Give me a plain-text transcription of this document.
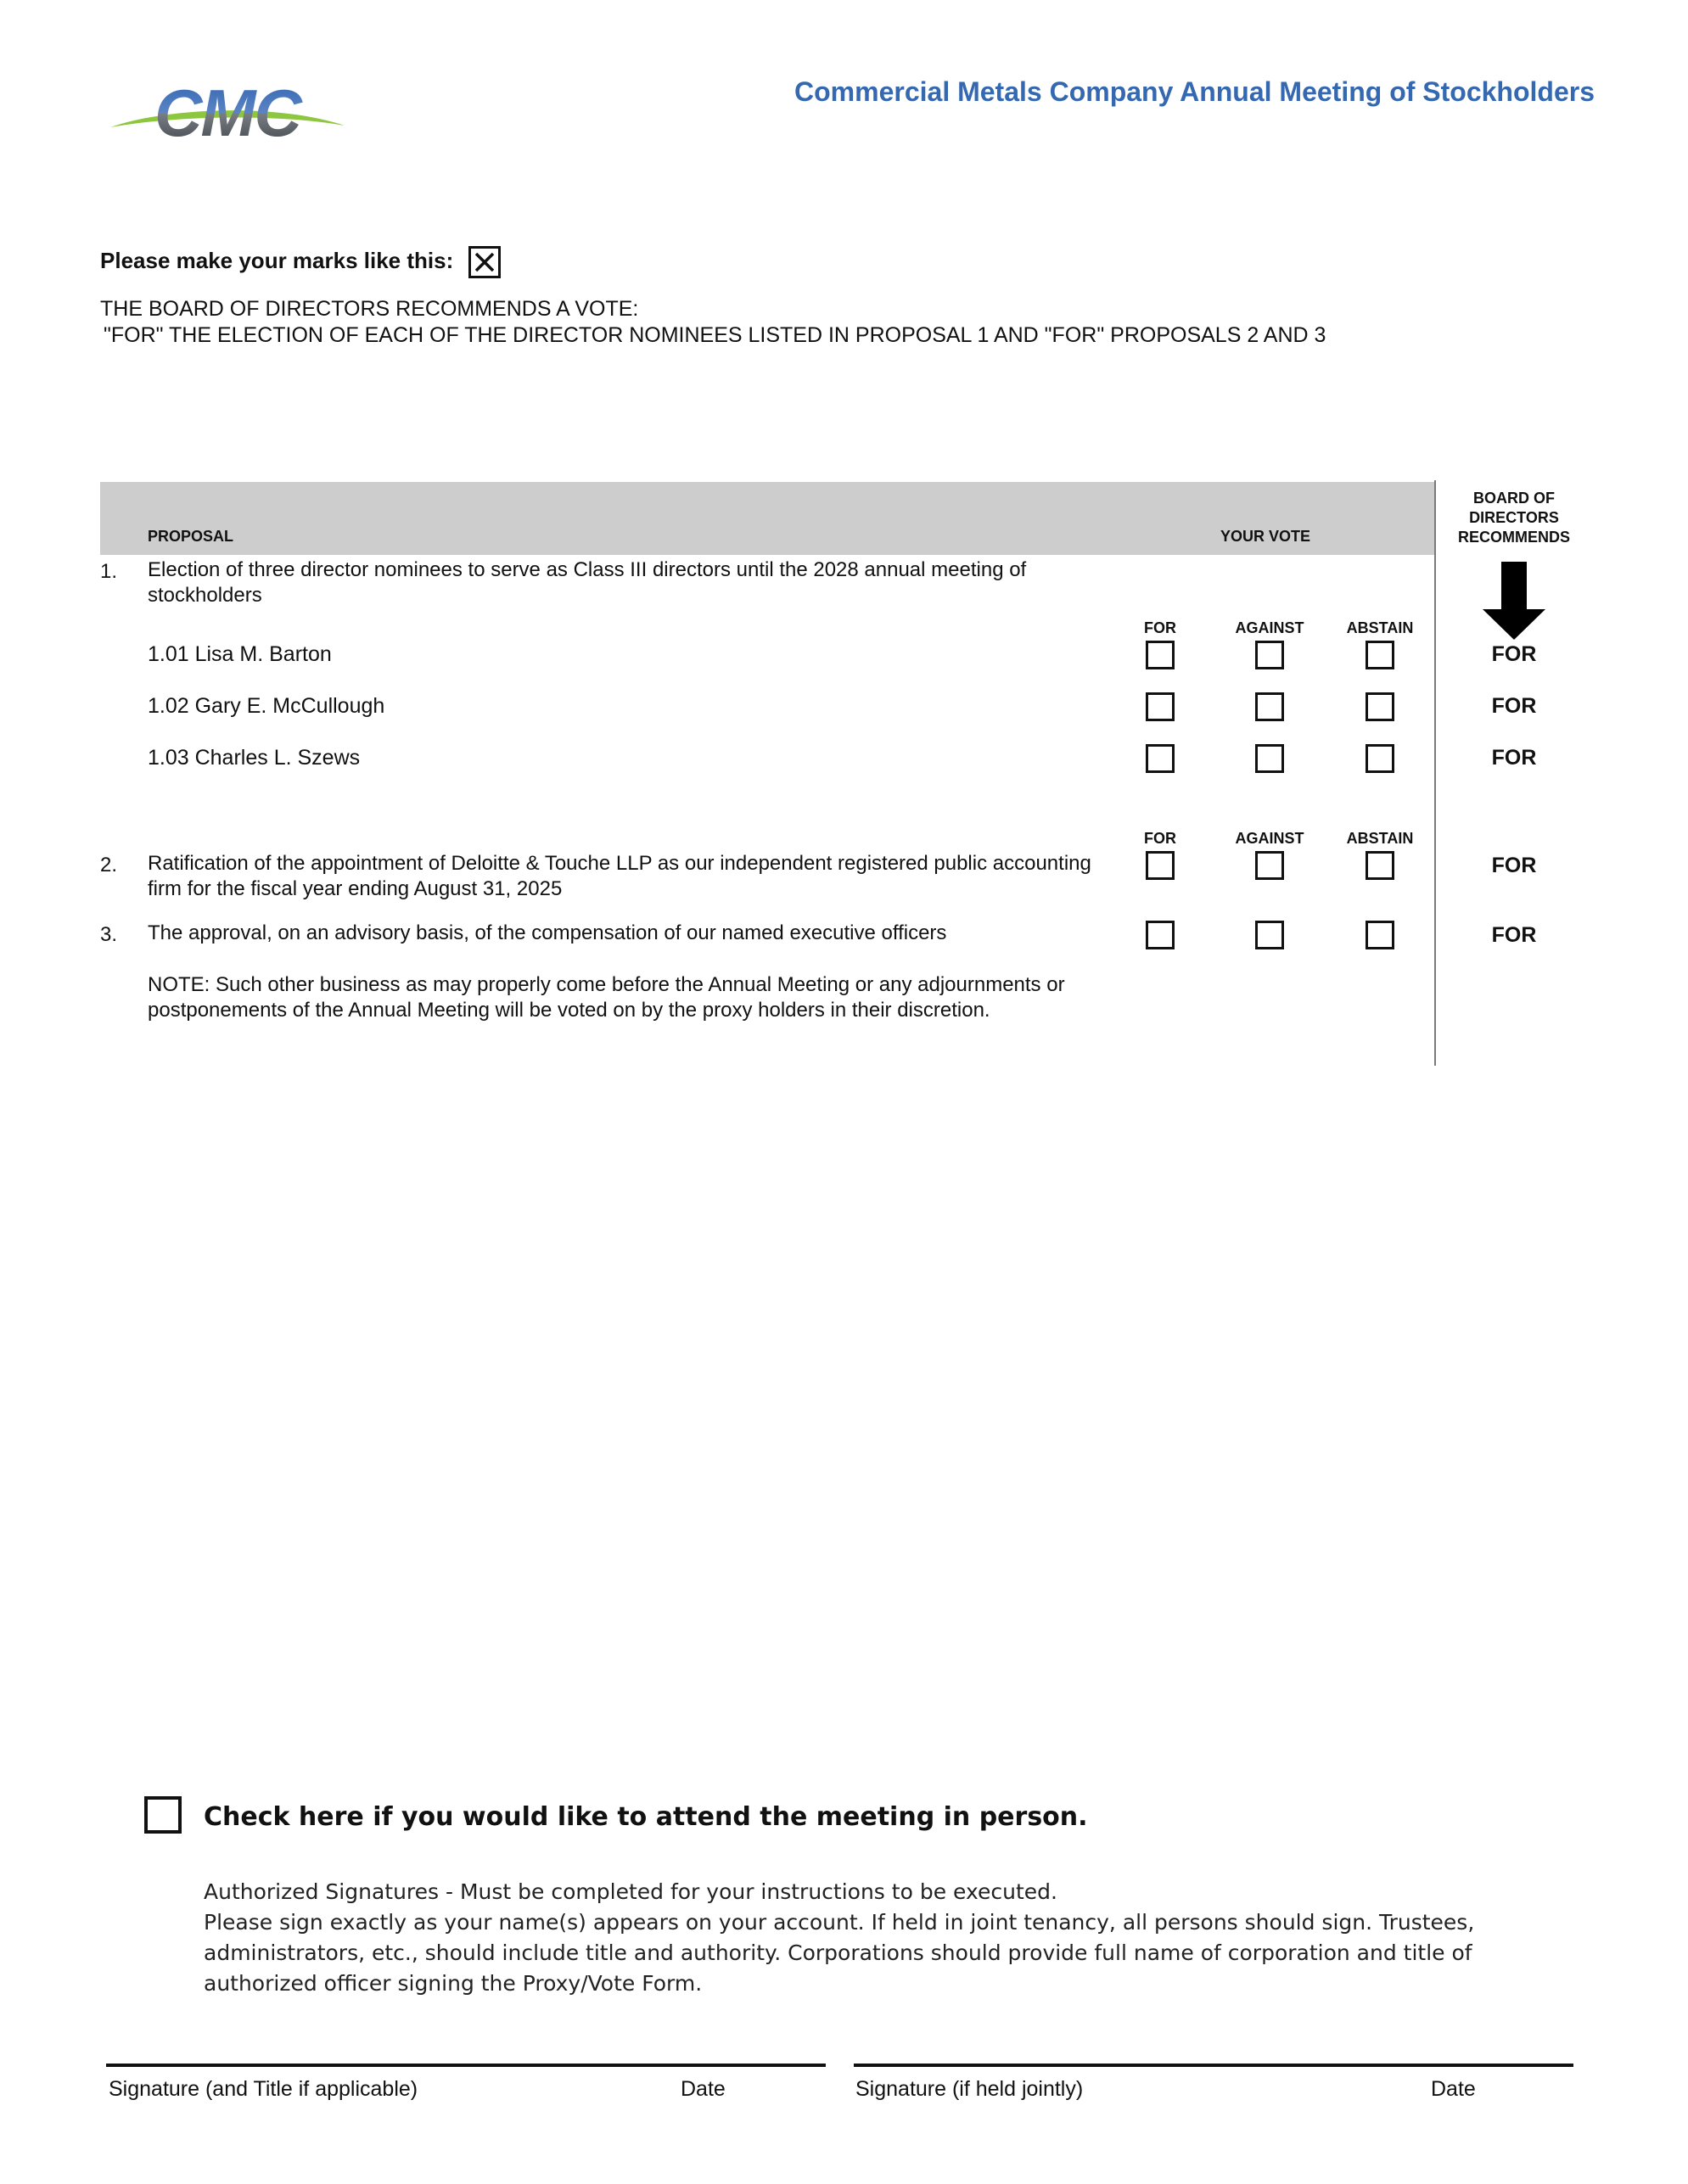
CMC	Commercial Metals Company Annual Meeting of Stockholders
Please make your marks like this:
THE BOARD OF DIRECTORS RECOMMENDS A VOTE:
"FOR" THE ELECTION OF EACH OF THE DIRECTOR NOMINEES LISTED IN PROPOSAL 1 AND "FOR" PROPOSALS 2 AND 3
PROPOSAL	YOUR VOTE
BOARD OF DIRECTORS RECOMMENDS
1. Election of three director nominees to serve as Class III directors until the 2028 annual meeting of stockholders
FOR	AGAINST	ABSTAIN
1.01 Lisa M. Barton	FOR
1.02 Gary E. McCullough	FOR
1.03 Charles L. Szews	FOR
FOR	AGAINST	ABSTAIN
2. Ratification of the appointment of Deloitte & Touche LLP as our independent registered public accounting firm for the fiscal year ending August 31, 2025
FOR
3. The approval, on an advisory basis, of the compensation of our named executive officers	FOR
NOTE: Such other business as may properly come before the Annual Meeting or any adjournments or postponements of the Annual Meeting will be voted on by the proxy holders in their discretion.
Check here if you would like to attend the meeting in person.
Authorized Signatures - Must be completed for your instructions to be executed.
Please sign exactly as your name(s) appears on your account. If held in joint tenancy, all persons should sign. Trustees, administrators, etc., should include title and authority. Corporations should provide full name of corporation and title of authorized officer signing the Proxy/Vote Form.
Signature (and Title if applicable)	Date	Signature (if held jointly)	Date
